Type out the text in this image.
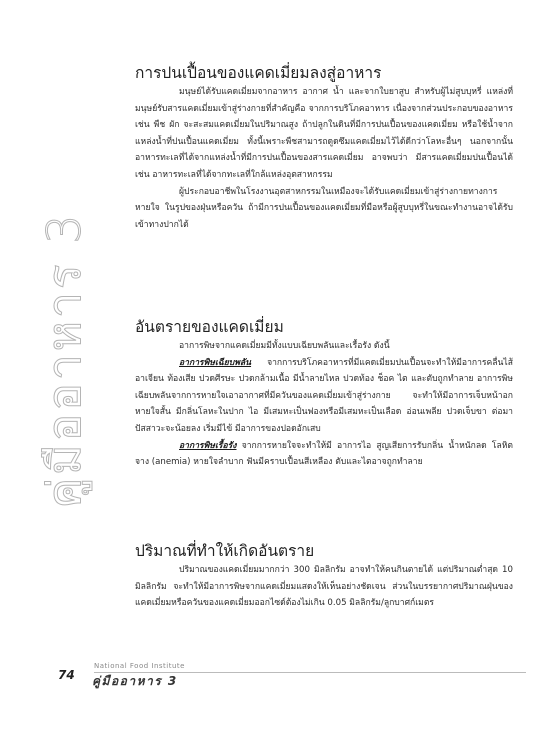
คู่มืออาหาร 3
การปนเปื้อนของแคดเมี่ยมลงสู่อาหาร

มนุษย์ได้รับแคดเมี่ยมจากอาหาร อากาศ น้ำ และจากใบยาสูบ สำหรับผู้ไม่สูบบุหรี่ แหล่งที่มนุษย์รับสารแคดเมี่ยมเข้าสู่ร่างกายที่สำคัญคือ จากการบริโภคอาหาร เนื่องจากส่วนประกอบของอาหาร เช่น พืช ผัก จะสะสมแคดเมี่ยมในปริมาณสูง ถ้าปลูกในดินที่มีการปนเปื้อนของแคดเมี่ยม หรือใช้น้ำจากแหล่งน้ำที่ปนเปื้อนแคดเมี่ยม ทั้งนี้เพราะพืชสามารถดูดซึมแคดเมี่ยมไว้ได้ดีกว่าโลหะอื่นๆ นอกจากนั้นอาหารทะเลที่ได้จากแหล่งน้ำที่มีการปนเปื้อนของสารแคดเมี่ยม อาจพบว่า มีสารแคดเมี่ยมปนเปื้อนได้ เช่น อาหารทะเลที่ได้จากทะเลที่ใกล้แหล่งอุตสาหกรรม

ผู้ประกอบอาชีพในโรงงานอุตสาหกรรมในเหมืองจะได้รับแคดเมี่ยมเข้าสู่ร่างกายทางการหายใจ ในรูปของฝุ่นหรือควัน ถ้ามีการปนเปื้อนของแคดเมี่ยมที่มือหรือผู้สูบบุหรี่ในขณะทำงานอาจได้รับเข้าทางปากได้

อันตรายของแคดเมี่ยม

อาการพิษจากแคดเมี่ยมมีทั้งแบบเฉียบพลันและเรื้อรัง ดังนี้

อาการพิษเฉียบพลัน จากการบริโภคอาหารที่มีแคดเมี่ยมปนเปื้อนจะทำให้มีอาการคลื่นไส้ อาเจียน ท้องเสีย ปวดศีรษะ ปวดกล้ามเนื้อ มีน้ำลายไหล ปวดท้อง ช็อค ไต และตับถูกทำลาย อาการพิษเฉียบพลันจากการหายใจเอาอากาศที่มีควันของแคดเมี่ยมเข้าสู่ร่างกาย จะทำให้มีอาการเจ็บหน้าอก หายใจสั้น มีกลิ่นโลหะในปาก ไอ มีเสมหะเป็นฟองหรือมีเสมหะเป็นเลือด อ่อนเพลีย ปวดเจ็บขา ต่อมาปัสสาวะจะน้อยลง เริ่มมีไข้ มีอาการของปอดอักเสบ

อาการพิษเรื้อรัง จากการหายใจจะทำให้มี อาการไอ สูญเสียการรับกลิ่น น้ำหนักลด โลหิตจาง (anemia) หายใจลำบาก ฟันมีคราบเปื้อนสีเหลือง ตับและไตอาจถูกทำลาย

ปริมาณที่ทำให้เกิดอันตราย

ปริมาณของแคดเมี่ยมมากกว่า 300 มิลลิกรัม อาจทำให้คนกินตายได้ แต่ปริมาณต่ำสุด 10 มิลลิกรัม จะทำให้มีอาการพิษจากแคดเมี่ยมแสดงให้เห็นอย่างชัดเจน ส่วนในบรรยากาศปริมาณฝุ่นของแคดเมี่ยมหรือควันของแคดเมี่ยมออกไซด์ต้องไม่เกิน 0.05 มิลลิกรัม/ลูกบาศก์เมตร

74
National Food Institute
คู่มืออาหาร 3
